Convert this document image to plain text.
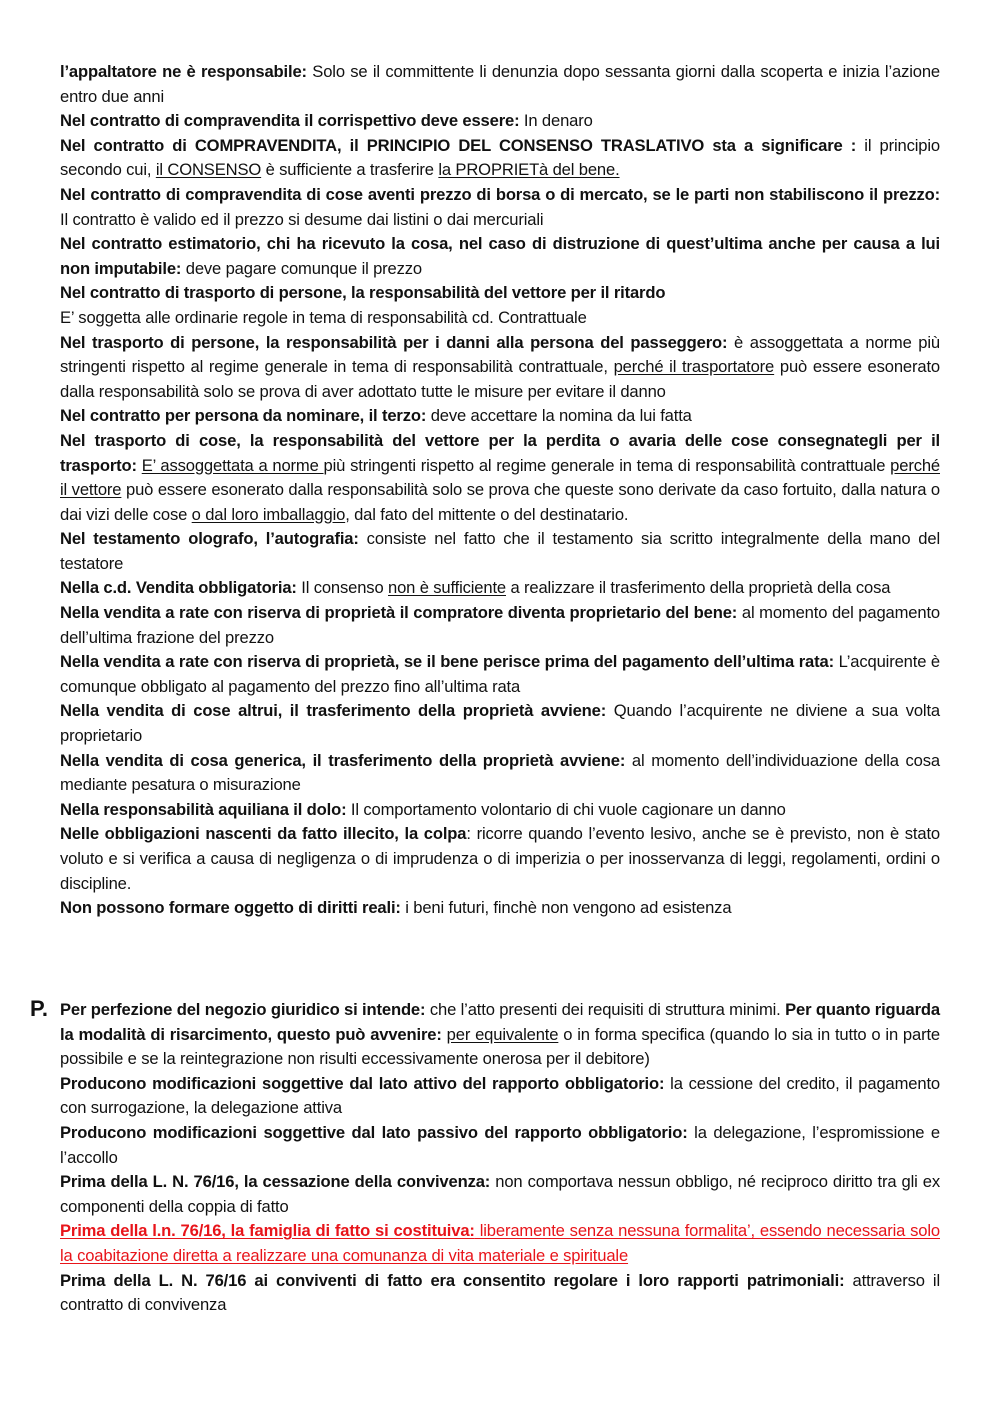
l’appaltatore ne è responsabile: Solo se il committente li denunzia dopo sessanta giorni dalla scoperta e inizia l’azione entro due anni

Nel contratto di compravendita il corrispettivo deve essere: In denaro

Nel contratto di COMPRAVENDITA, il PRINCIPIO DEL CONSENSO TRASLATIVO sta a significare : il principio secondo cui, il CONSENSO è sufficiente a trasferire la PROPRIETà del bene.

Nel contratto di compravendita di cose aventi prezzo di borsa o di mercato, se le parti non stabiliscono il prezzo: Il contratto è valido ed il prezzo si desume dai listini o dai mercuriali

Nel contratto estimatorio, chi ha ricevuto la cosa, nel caso di distruzione di quest’ultima anche per causa a lui non imputabile: deve pagare comunque il prezzo

Nel contratto di trasporto di persone, la responsabilità del vettore per il ritardo

E’ soggetta alle ordinarie regole in tema di responsabilità cd. Contrattuale

Nel trasporto di persone, la responsabilità per i danni alla persona del passeggero: è assoggettata a norme più stringenti rispetto al regime generale in tema di responsabilità contrattuale, perché il trasportatore può essere esonerato dalla responsabilità solo se prova di aver adottato tutte le misure per evitare il danno

Nel contratto per persona da nominare, il terzo: deve accettare la nomina da lui fatta

Nel trasporto di cose, la responsabilità del vettore per la perdita o avaria delle cose consegnategli per il trasporto: E’ assoggettata a norme più stringenti rispetto al regime generale in tema di responsabilità contrattuale perché il vettore può essere esonerato dalla responsabilità solo se prova che queste sono derivate da caso fortuito, dalla natura o dai vizi delle cose o dal loro imballaggio, dal fato del mittente o del destinatario.

Nel testamento olografo, l’autografia: consiste nel fatto che il testamento sia scritto integralmente della mano del testatore

Nella c.d. Vendita obbligatoria: Il consenso non è sufficiente a realizzare il trasferimento della proprietà della cosa

Nella vendita a rate con riserva di proprietà il compratore diventa proprietario del bene: al momento del pagamento dell’ultima frazione del prezzo

Nella vendita a rate con riserva di proprietà, se il bene perisce prima del pagamento dell’ultima rata: L’acquirente è comunque obbligato al pagamento del prezzo fino all’ultima rata

Nella vendita di cose altrui, il trasferimento della proprietà avviene: Quando l’acquirente ne diviene a sua volta proprietario

Nella vendita di cosa generica, il trasferimento della proprietà avviene: al momento dell’individuazione della cosa mediante pesatura o misurazione

Nella responsabilità aquiliana il dolo: Il comportamento volontario di chi vuole cagionare un danno

Nelle obbligazioni nascenti da fatto illecito, la colpa: ricorre quando l’evento lesivo, anche se è previsto, non è stato voluto e si verifica a causa di negligenza o di imprudenza o di imperizia o per inosservanza di leggi, regolamenti, ordini o discipline.

Non possono formare oggetto di diritti reali: i beni futuri, finchè non vengono ad esistenza

P. Per perfezione del negozio giuridico si intende: che l’atto presenti dei requisiti di struttura minimi. Per quanto riguarda la modalità di risarcimento, questo può avvenire: per equivalente o in forma specifica (quando lo sia in tutto o in parte possibile e se la reintegrazione non risulti eccessivamente onerosa per il debitore)

Producono modificazioni soggettive dal lato attivo del rapporto obbligatorio: la cessione del credito, il pagamento con surrogazione, la delegazione attiva

Producono modificazioni soggettive dal lato passivo del rapporto obbligatorio: la delegazione, l’espromissione e l’accollo

Prima della L. N. 76/16, la cessazione della convivenza: non comportava nessun obbligo, né reciproco diritto tra gli ex componenti della coppia di fatto

Prima della l.n. 76/16, la famiglia di fatto si costituiva: liberamente senza nessuna formalita’, essendo necessaria solo la coabitazione diretta a realizzare una comunanza di vita materiale e spirituale

Prima della L. N. 76/16 ai conviventi di fatto era consentito regolare i loro rapporti patrimoniali: attraverso il contratto di convivenza
